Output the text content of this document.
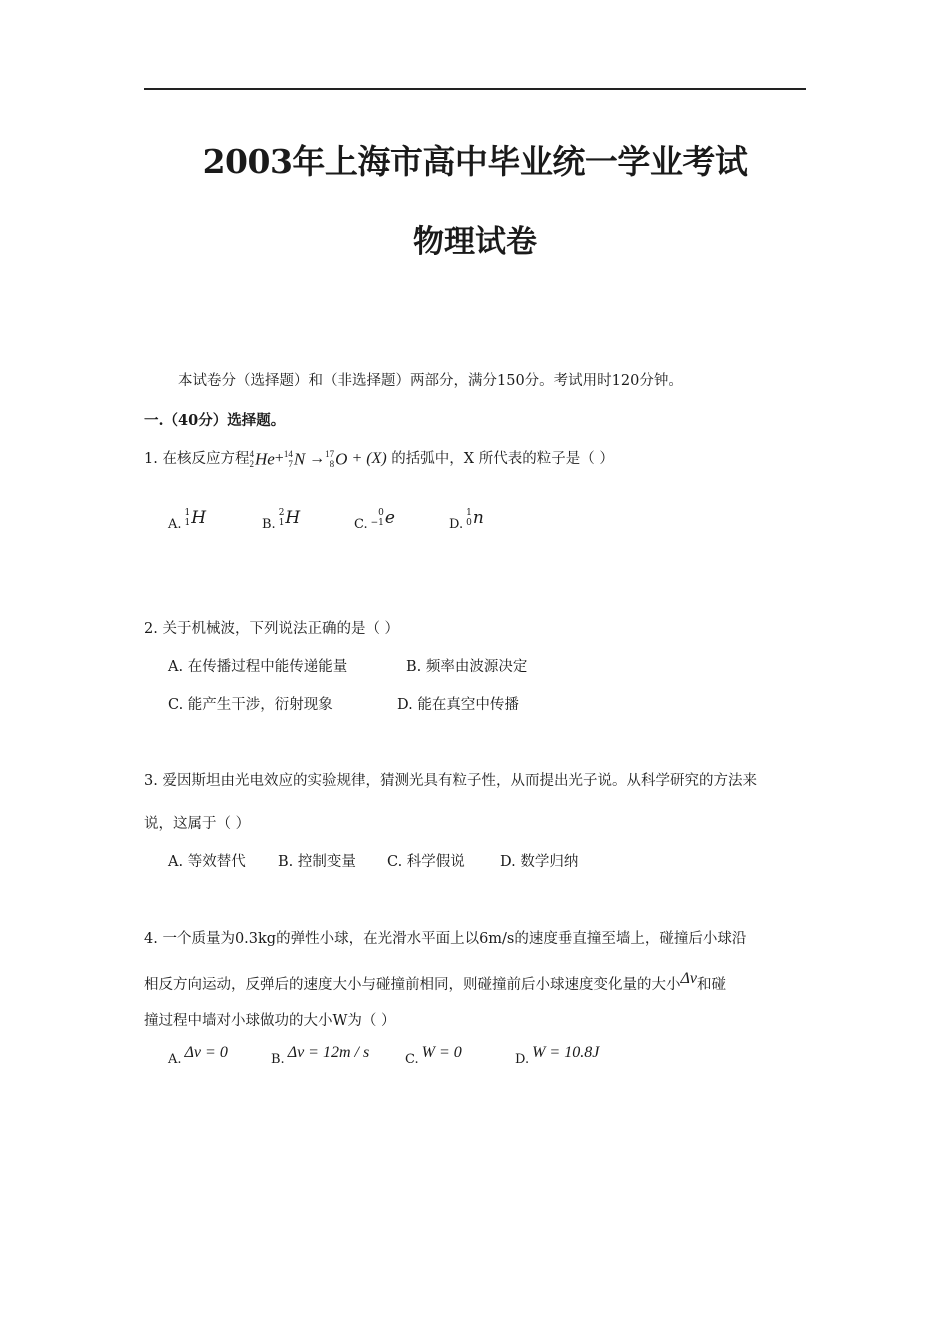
2003年上海市高中毕业统一学业考试
物理试卷
本试卷分（选择题）和（非选择题）两部分，满分150分。考试用时120分钟。
一.（40分）选择题。
1. 在核反应方程 4
2 He+ 14
7 N → 17
8 O + (X) 的括弧中，X 所代表的粒子是（ ）
A.
1
1 H	B.
2
1 H	C.
0
−1 e	D.
1
0 n
2. 关于机械波，下列说法正确的是（ ）
A. 在传播过程中能传递能量	B. 频率由波源决定
C. 能产生干涉，衍射现象	D. 能在真空中传播
3. 爱因斯坦由光电效应的实验规律，猜测光具有粒子性，从而提出光子说。从科学研究的方法来
说，这属于（ ）
A. 等效替代 B. 控制变量 C. 科学假说 D. 数学归纳
4. 一个质量为0.3kg的弹性小球，在光滑水平面上以6m/s的速度垂直撞至墙上，碰撞后小球沿
相反方向运动，反弹后的速度大小与碰撞前相同，则碰撞前后小球速度变化量的大小Δv和碰
撞过程中墙对小球做功的大小W为（ ）
A. Δv = 0	B. Δv = 12m / s	C. W = 0	D. W = 10.8J
